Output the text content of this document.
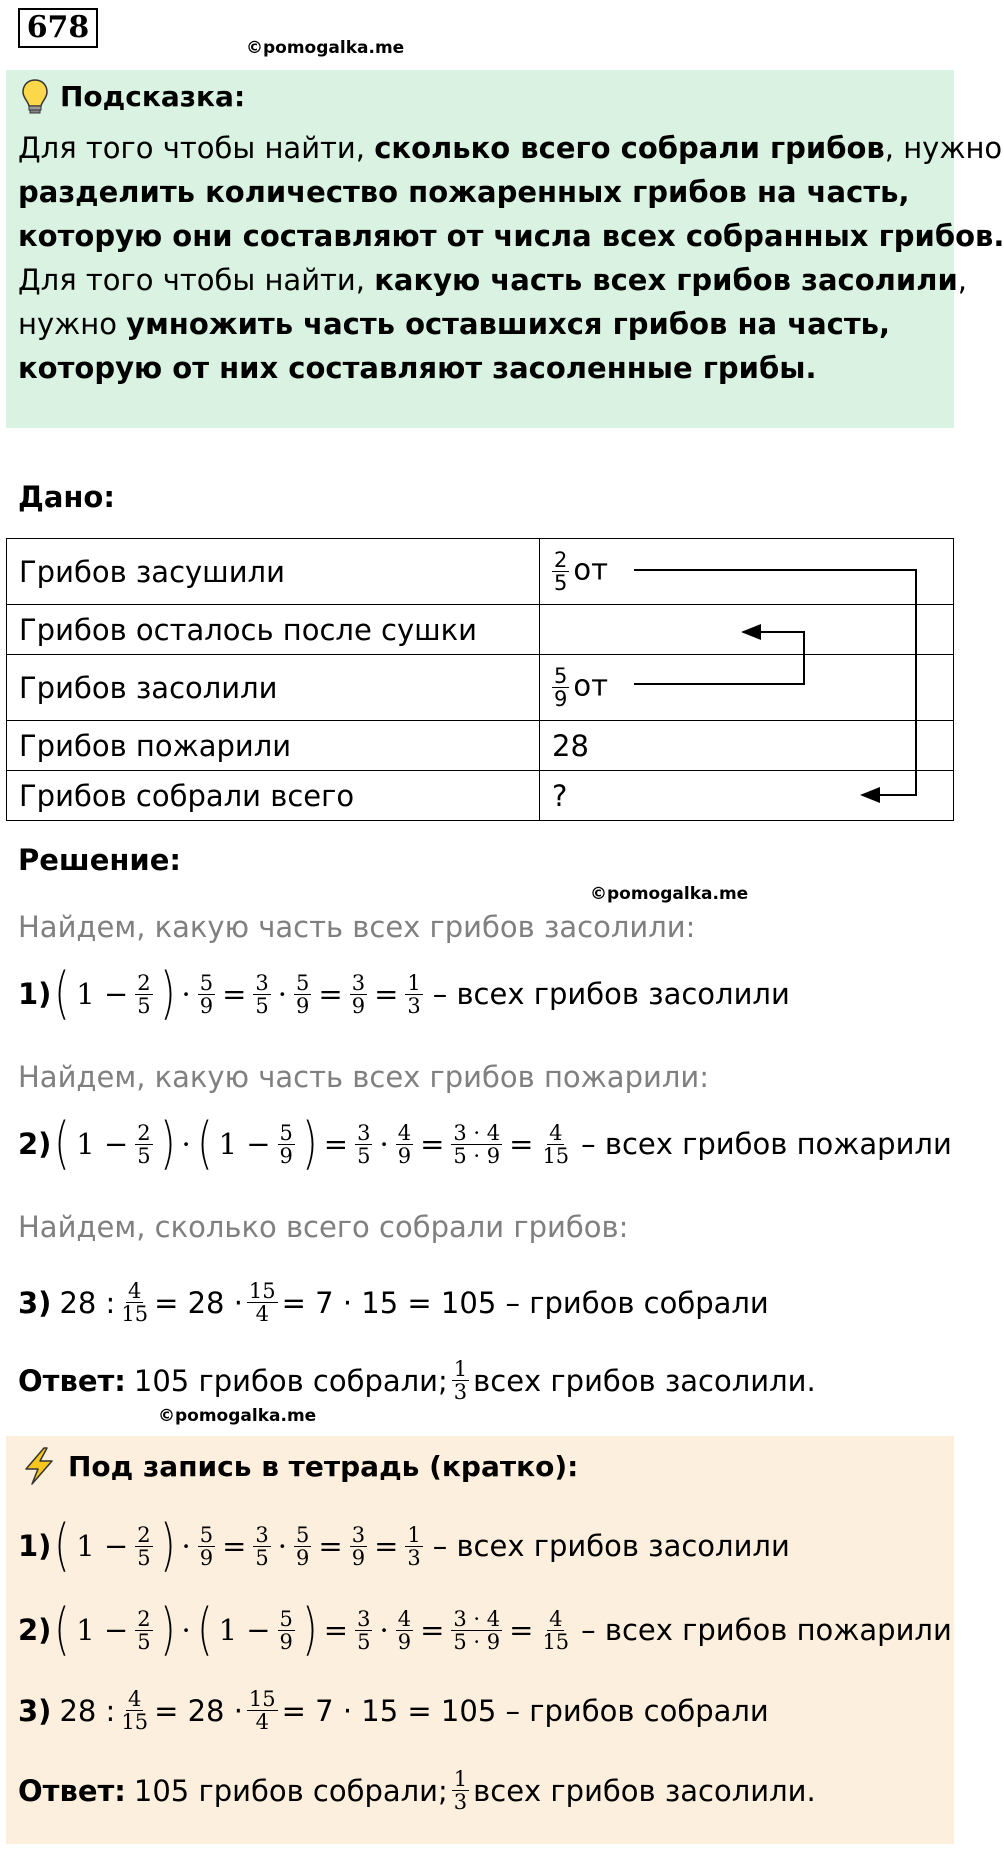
678
©pomogalka.me
Подсказка:
Для того чтобы найти, сколько всего собрали грибов, нужно
разделить количество пожаренных грибов на часть,
которую они составляют от числа всех собранных грибов.
Для того чтобы найти, какую часть всех грибов засолили,
нужно умножить часть оставшихся грибов на часть,
которую от них составляют засоленные грибы.
Дано:
Грибов засушили	$\frac{2}{5}$ от
Грибов осталось после сушки	
Грибов засолили	$\frac{5}{9}$ от
Грибов пожарили	28
Грибов собрали всего	?
Решение:
©pomogalka.me
Найдем, какую часть всех грибов засолили:
1) ( $1 - \frac{2}{5}$ ) · $\frac{5}{9} = \frac{3}{5} \cdot \frac{5}{9} = \frac{3}{9} = \frac{1}{3}$ – всех грибов засолили
Найдем, какую часть всех грибов пожарили:
2) ( $1 - \frac{2}{5}$ ) · ( $1 - \frac{5}{9}$ ) = $\frac{3}{5} \cdot \frac{4}{9} = \frac{3 \cdot 4}{5 \cdot 9} = \frac{4}{15}$ – всех грибов пожарили
Найдем, сколько всего собрали грибов:
3) 28 : $\frac{4}{15} = 28 \cdot \frac{15}{4} = 7 \cdot 15 = 105$ – грибов собрали
Ответ: 105 грибов собрали; $\frac{1}{3}$ всех грибов засолили.
©pomogalka.me
Под запись в тетрадь (кратко):
1) ( $1 - \frac{2}{5}$ ) · $\frac{5}{9} = \frac{3}{5} \cdot \frac{5}{9} = \frac{3}{9} = \frac{1}{3}$ – всех грибов засолили
2) ( $1 - \frac{2}{5}$ ) · ( $1 - \frac{5}{9}$ ) = $\frac{3}{5} \cdot \frac{4}{9} = \frac{3 \cdot 4}{5 \cdot 9} = \frac{4}{15}$ – всех грибов пожарили
3) 28 : $\frac{4}{15} = 28 \cdot \frac{15}{4} = 7 \cdot 15 = 105$ – грибов собрали
Ответ: 105 грибов собрали; $\frac{1}{3}$ всех грибов засолили.
